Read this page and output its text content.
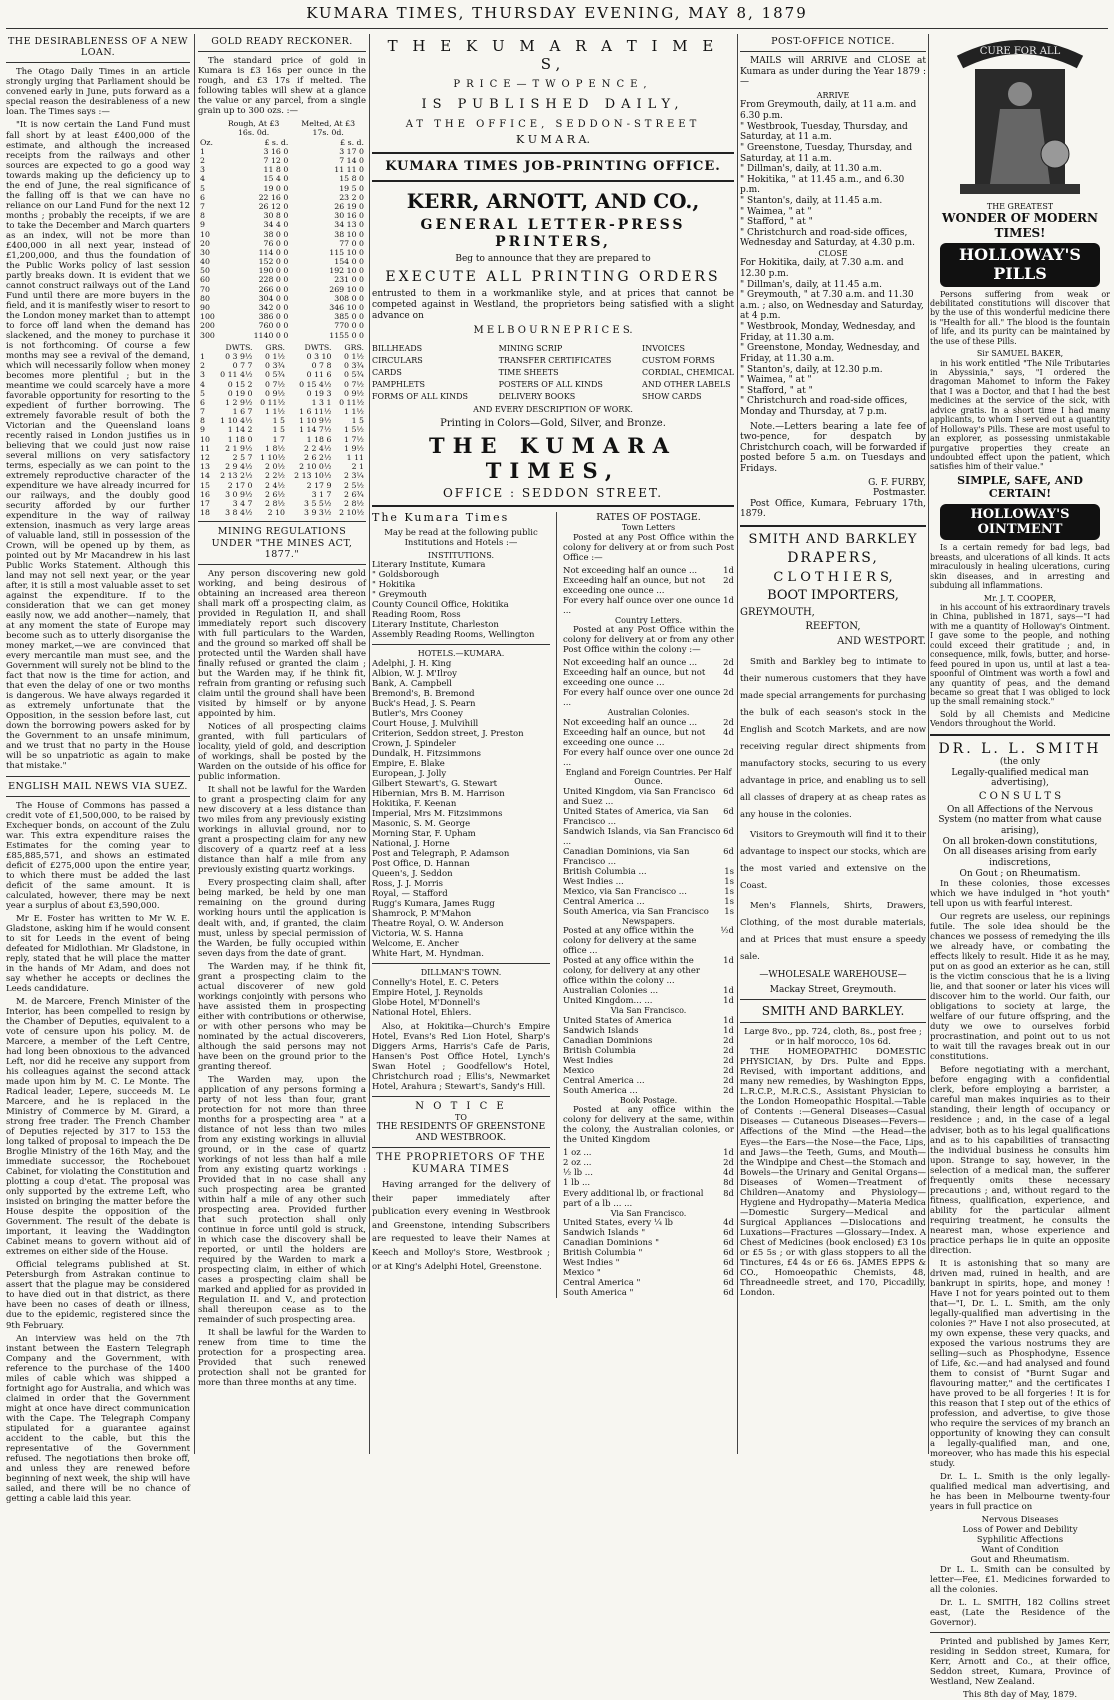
KUMARA TIMES, THURSDAY EVENING, MAY 8, 1879
THE DESIRABLENESS OF A NEW LOAN.

The Otago Daily Times in an article strongly urging that Parliament should be convened early in June, puts forward as a special reason the desirableness of a new loan. The Times says :—

"It is now certain the Land Fund must fall short by at least £400,000 of the estimate, and although the increased receipts from the railways and other sources are expected to go a good way towards making up the deficiency up to the end of June, the real significance of the falling off is that we can have no reliance on our Land Fund for the next 12 months ; probably the receipts, if we are to take the December and March quarters as an index, will not be more than £400,000 in all next year, instead of £1,200,000, and thus the foundation of the Public Works policy of last session partly breaks down. It is evident that we cannot construct railways out of the Land Fund until there are more buyers in the field, and it is manifestly wiser to resort to the London money market than to attempt to force off land when the demand has slackened, and the money to purchase it is not forthcoming. Of course a few months may see a revival of the demand, which will necessarily follow when money becomes more plentiful ; but in the meantime we could scarcely have a more favorable opportunity for resorting to the expedient of further borrowing. The extremely favorable result of both the Victorian and the Queensland loans recently raised in London justifies us in believing that we could just now raise several millions on very satisfactory terms, especially as we can point to the extremely reproductive character of the expenditure we have already incurred for our railways, and the doubly good security afforded by our further expenditure in the way of railway extension, inasmuch as very large areas of valuable land, still in possession of the Crown, will be opened up by them, as pointed out by Mr Macandrew in his last Public Works Statement. Although this land may not sell next year, or the year after, it is still a most valuable asset to set against the expenditure. If to the consideration that we can get money easily now, we add another—namely, that at any moment the state of Europe may become such as to utterly disorganise the money market,—we are convinced that every mercantile man must see, and the Government will surely not be blind to the fact that now is the time for action, and that even the delay of one or two months is dangerous. We have always regarded it as extremely unfortunate that the Opposition, in the session before last, cut down the borrowing powers asked for by the Government to an unsafe minimum, and we trust that no party in the House will be so unpatriotic as again to make that mistake."

ENGLISH MAIL NEWS VIA SUEZ.

The House of Commons has passed a credit vote of £1,500,000, to be raised by Exchequer bonds, on account of the Zulu war. This extra expenditure raises the Estimates for the coming year to £85,885,571, and shows an estimated deficit of £275,000 upon the entire year, to which there must be added the last deficit of the same amount. It is calculated, however, there may be next year a surplus of about £3,590,000.

Mr E. Foster has written to Mr W. E. Gladstone, asking him if he would consent to sit for Leeds in the event of being defeated for Midlothian. Mr Gladstone, in reply, stated that he will place the matter in the hands of Mr Adam, and does not say whether he accepts or declines the Leeds candidature.

M. de Marcere, French Minister of the Interior, has been compelled to resign by the Chamber of Deputies, equivalent to a vote of censure upon his policy. M. de Marcere, a member of the Left Centre, had long been obnoxious to the advanced Left, nor did he receive any support from his colleagues against the second attack made upon him by M. C. Le Monte. The Radical leader, Lepere, succeeds M. Le Marcere, and he is replaced in the Ministry of Commerce by M. Girard, a strong free trader. The French Chamber of Deputies rejected by 317 to 153 the long talked of proposal to impeach the De Broglie Ministry of the 16th May, and the immediate successor, the Rochebouet Cabinet, for violating the Constitution and plotting a coup d'etat. The proposal was only supported by the extreme Left, who insisted on bringing the matter before the House despite the opposition of the Government. The result of the debate is important, it leaving the Waddington Cabinet means to govern without aid of extremes on either side of the House.

Official telegrams published at St. Petersburgh from Astrakan continue to assert that the plague may be considered to have died out in that district, as there have been no cases of death or illness, due to the epidemic, registered since the 9th February.

An interview was held on the 7th instant between the Eastern Telegraph Company and the Government, with reference to the purchase of the 1400 miles of cable which was shipped a fortnight ago for Australia, and which was claimed in order that the Government might at once have direct communication with the Cape. The Telegraph Company stipulated for a guarantee against accident to the cable, but this the representative of the Government refused. The negotiations then broke off, and unless they are renewed before beginning of next week, the ship will have sailed, and there will be no chance of getting a cable laid this year.

GOLD READY RECKONER.

The standard price of gold in Kumara is £3 16s per ounce in the rough, and £3 17s if melted. The following tables will shew at a glance the value or any parcel, from a single grain up to 300 ozs. :—

	Rough, At £3 16s. 0d.	Melted, At £3 17s. 0d.
Oz.	£ s. d.	£ s. d.
1	3 16 0	3 17 0
2	7 12 0	7 14 0
3	11 8 0	11 11 0
4	15 4 0	15 8 0
5	19 0 0	19 5 0
6	22 16 0	23 2 0
7	26 12 0	26 19 0
8	30 8 0	30 16 0
9	34 4 0	34 13 0
10	38 0 0	38 10 0
20	76 0 0	77 0 0
30	114 0 0	115 10 0
40	152 0 0	154 0 0
50	190 0 0	192 10 0
60	228 0 0	231 0 0
70	266 0 0	269 10 0
80	304 0 0	308 0 0
90	342 0 0	346 10 0
100	386 0 0	385 0 0
200	760 0 0	770 0 0
300	1140 0 0	1155 0 0
	DWTS.	GRS.	DWTS.	GRS.
1	0 3 9½	0 1½	0 3 10	0 1½
2	0 7 7	0 3¾	0 7 8	0 3¾
3	0 11 4½	0 5¾	0 11 6	0 5¾
4	0 15 2	0 7½	0 15 4½	0 7½
5	0 19 0	0 9½	0 19 3	0 9½
6	1 2 9½	0 11½	1 3 1	0 11½
7	1 6 7	1 1½	1 6 11½	1 1½
8	1 10 4½	1 5	1 10 9½	1 5
9	1 14 2	1 5	1 14 7½	1 5½
10	1 18 0	1 7	1 18 6	1 7½
11	2 1 9½	1 8½	2 2 4½	1 9½
12	2 5 7	1 10½	2 6 2½	1 11
13	2 9 4½	2 0½	2 10 0½	2 1
14	2 13 2½	2 2½	2 13 10½	2 3¼
15	2 17 0	2 4½	2 17 9	2 5½
16	3 0 9½	2 6½	3 1 7	2 6¾
17	3 4 7	2 8½	3 5 5½	2 8½
18	3 8 4½	2 10	3 9 3½	2 10½
MINING REGULATIONS UNDER "THE MINES ACT, 1877."

Any person discovering new gold working, and being desirous of obtaining an increased area thereon shall mark off a prospecting claim, as provided in Regulation II, and shall immediately report such discovery with full particulars to the Warden, and the ground so marked off shall be protected until the Warden shall have finally refused or granted the claim ; but the Warden may, if he think fit, refrain from granting or refusing such claim until the ground shall have been visited by himself or by anyone appointed by him.

Notices of all prospecting claims granted, with full particulars of locality, yield of gold, and description of workings, shall be posted by the Warden on the outside of his office for public information.

It shall not be lawful for the Warden to grant a prospecting claim for any new discovery at a less distance than two miles from any previously existing workings in alluvial ground, nor to grant a prospecting claim for any new discovery of a quartz reef at a less distance than half a mile from any previously existing quartz workings.

Every prospecting claim shall, after being marked, be held by one man remaining on the ground during working hours until the application is dealt with, and, if granted, the claim must, unless by special permission of the Warden, be fully occupied within seven days from the date of grant.

The Warden may, if he think fit, grant a prospecting claim to the actual discoverer of new gold workings conjointly with persons who have assisted them in prospecting either with contributions or otherwise, or with other persons who may be nominated by the actual discoverers, although the said persons may not have been on the ground prior to the granting thereof.

The Warden may, upon the application of any persons forming a party of not less than four, grant protection for not more than three months for a prospecting area " at a distance of not less than two miles from any existing workings in alluvial ground, or in the case of quartz workings of not less than half a mile from any existing quartz workings : Provided that in no case shall any such prospecting area be granted within half a mile of any other such prospecting area. Provided further that such protection shall only continue in force until gold is struck, in which case the discovery shall be reported, or until the holders are required by the Warden to mark a prospecting claim, in either of which cases a prospecting claim shall be marked and applied for as provided in Regulation II. and V., and protection shall thereupon cease as to the remainder of such prospecting area.

It shall be lawful for the Warden to renew from time to time the protection for a prospecting area. Provided that such renewed protection shall not be granted for more than three months at any time.

T H E K U M A R A T I M E S,
PRICE—TWOPENCE,
IS PUBLISHED DAILY,
AT THE OFFICE, SEDDON-STREET
K U M A R A.
KUMARA TIMES JOB-PRINTING OFFICE.
KERR, ARNOTT, AND CO.,
GENERAL LETTER-PRESS PRINTERS,
Beg to announce that they are prepared to
EXECUTE ALL PRINTING ORDERS

entrusted to them in a workmanlike style, and at prices that cannot be competed against in Westland, the proprietors being satisfied with a slight advance on

M E L B O U R N E P R I C E S.
BILLHEADS
CIRCULARS
CARDS
PAMPHLETS
FORMS OF ALL KINDS
MINING SCRIP
TRANSFER CERTIFICATES
TIME SHEETS
POSTERS OF ALL KINDS
DELIVERY BOOKS
INVOICES
CUSTOM FORMS
CORDIAL, CHEMICAL
AND OTHER LABELS
SHOW CARDS
AND EVERY DESCRIPTION OF WORK.
Printing in Colors—Gold, Silver, and Bronze.
THE KUMARA TIMES,
OFFICE : SEDDON STREET.
The Kumara Times
May be read at the following public Institutions and Hotels :—
INSTITUTIONS.
Literary Institute, Kumara
" Goldsborough
" Hokitika
" Greymouth
County Council Office, Hokitika
Reading Room, Ross
Literary Institute, Charleston
Assembly Reading Rooms, Wellington
HOTELS.—KUMARA.
Adelphi, J. H. King
Albion, W. J. M'Ilroy
Bank, A. Campbell
Bremond's, B. Bremond
Buck's Head, J. S. Pearn
Butler's, Mrs Cooney
Court House, J. Mulvihill
Criterion, Seddon street, J. Preston
Crown, J. Spindeler
Dundalk, H. Fitzsimmons
Empire, E. Blake
European, J. Jolly
Gilbert Stewart's, G. Stewart
Hibernian, Mrs B. M. Harrison
Hokitika, F. Keenan
Imperial, Mrs M. Fitzsimmons
Masonic, S. M. George
Morning Star, F. Upham
National, J. Horne
Post and Telegraph, P. Adamson
Post Office, D. Hannan
Queen's, J. Seddon
Ross, J. J. Morris
Royal, — Stafford
Rugg's Kumara, James Rugg
Shamrock, P. M'Mahon
Theatre Royal, O. W. Anderson
Victoria, W. S. Hanna
Welcome, E. Ancher
White Hart, M. Hyndman.
DILLMAN'S TOWN.
Connelly's Hotel, E. C. Peters
Empire Hotel, J. Reynolds
Globe Hotel, M'Donnell's
National Hotel, Ehlers.

Also, at Hokitika—Church's Empire Hotel, Evans's Red Lion Hotel, Sharp's Diggers Arms, Harris's Cafe de Paris, Hansen's Post Office Hotel, Lynch's Swan Hotel ; Goodfellow's Hotel, Christchurch road ; Ellis's, Newmarket Hotel, Arahura ; Stewart's, Sandy's Hill.

N O T I C E
TO
THE RESIDENTS OF GREENSTONE AND WESTBROOK.
THE PROPRIETORS OF THE KUMARA TIMES

Having arranged for the delivery of their paper immediately after publication every evening in Westbrook and Greenstone, intending Subscribers are requested to leave their Names at Keech and Molloy's Store, Westbrook ; or at King's Adelphi Hotel, Greenstone.

RATES OF POSTAGE.
Town Letters

Posted at any Post Office within the colony for delivery at or from such Post Office :—

Not exceeding half an ounce ...	1d
Exceeding half an ounce, but not exceeding one ounce ...
2d
For every half ounce over one ounce ...
1d
Country Letters.

Posted at any Post Office within the colony for delivery at or from any other Post Office within the colony :—

Not exceeding half an ounce ...	2d
Exceeding half an ounce, but not exceeding one ounce ...
4d
For every half ounce over one ounce ...
2d
Australian Colonies.
Not exceeding half an ounce ...	2d
Exceeding half an ounce, but not exceeding one ounce ...
4d
For every half ounce over one ounce ...
2d
England and Foreign Countries. Per Half Ounce.
United Kingdom, via San Francisco and Suez ...
6d
United States of America, via San Francisco ...
6d
Sandwich Islands, via San Francisco ...
6d
Canadian Dominions, via San Francisco ...
6d
British Columbia ...	1s
West Indies ...	1s
Mexico, via San Francisco ...	1s
Central America ...	1s
South America, via San Francisco 1s
Newspapers.
Posted at any office within the colony for delivery at the same office ...
½d
Posted at any office within the colony, for delivery at any other office within the colony ...
1d
Australian Colonies ...	1d
United Kingdom... ...	1d
Via San Francisco.
United States of America	1d
Sandwich Islands	1d
Canadian Dominions	2d
British Columbia	2d
West Indies	2d
Mexico	2d
Central America ...	2d
South America ...	2d
Book Postage.

Posted at any office within the colony for delivery at the same, within the colony, the Australian colonies, or the United Kingdom

1 oz ...	1d
2 oz ...	2d
½ lb ...	4d
1 lb ...	8d
Every additional lb, or fractional part of a lb ... ...
8d
Via San Francisco.
United States, every ¼ lb	4d
Sandwich Islands "	6d
Canadian Dominions "	6d
British Columbia "	6d
West Indies "	6d
Mexico "	6d
Central America "	6d
South America "	6d
POST-OFFICE NOTICE.

MAILS will ARRIVE and CLOSE at Kumara as under during the Year 1879 :—

ARRIVE
From Greymouth, daily, at 11 a.m. and 6.30 p.m.
" Westbrook, Tuesday, Thursday, and Saturday, at 11 a.m.
" Greenstone, Tuesday, Thursday, and Saturday, at 11 a.m.
" Dillman's, daily, at 11.30 a.m.
" Hokitika, " at 11.45 a.m., and 6.30 p.m.
" Stanton's, daily, at 11.45 a.m.
" Waimea, " at "
" Stafford, " at "
" Christchurch and road-side offices, Wednesday and Saturday, at 4.30 p.m.
CLOSE
For Hokitika, daily, at 7.30 a.m. and 12.30 p.m.
" Dillman's, daily, at 11.45 a.m.
" Greymouth, " at 7.30 a.m. and 11.30 a.m. ; also, on Wednesday and Saturday, at 4 p.m.
" Westbrook, Monday, Wednesday, and Friday, at 11.30 a.m.
" Greenstone, Monday, Wednesday, and Friday, at 11.30 a.m.
" Stanton's, daily, at 12.30 p.m.
" Waimea, " at "
" Stafford, " at "
" Christchurch and road-side offices, Monday and Thursday, at 7 p.m.

Note.—Letters bearing a late fee of two-pence, for despatch by Christchurch coach, will be forwarded if posted before 5 a.m. on Tuesdays and Fridays.

G. F. FURBY,
Postmaster.

Post Office, Kumara, February 17th, 1879.

SMITH AND BARKLEY
DRAPERS,
C L O T H I E R S,
BOOT IMPORTERS,
GREYMOUTH,
REEFTON,
AND WESTPORT.

Smith and Barkley beg to intimate to their numerous customers that they have made special arrangements for purchasing the bulk of each season's stock in the English and Scotch Markets, and are now receiving regular direct shipments from manufactory stocks, securing to us every advantage in price, and enabling us to sell all classes of drapery at as cheap rates as any house in the colonies.

Visitors to Greymouth will find it to their advantage to inspect our stocks, which are the most varied and extensive on the Coast.

Men's Flannels, Shirts, Drawers, Clothing, of the most durable materials, and at Prices that must ensure a speedy sale.

—WHOLESALE WAREHOUSE—
Mackay Street, Greymouth.
SMITH AND BARKLEY.
Large 8vo., pp. 724, cloth, 8s., post free ; or in half morocco, 10s 6d.

THE HOMEOPATHIC DOMESTIC PHYSICIAN, by Drs. Pulte and Epps. Revised, with important additions, and many new remedies, by Washington Epps, L.R.C.P., M.R.C.S., Assistant Physician to the London Homeopathic Hospital.—Table of Contents :—General Diseases—Casual Diseases — Cutaneous Diseases—Fevers—Affections of the Mind —the Head—the Eyes—the Ears—the Nose—the Face, Lips, and Jaws—the Teeth, Gums, and Mouth—the Windpipe and Chest—the Stomach and Bowels—the Urinary and Genital Organs—Diseases of Women—Treatment of Children—Anatomy and Physiology—Hygiene and Hydropathy—Materia Medica—Domestic Surgery—Medical and Surgical Appliances —Dislocations and Luxations—Fractures —Glossary—Index. A Chest of Medicines (book enclosed) £3 10s or £5 5s ; or with glass stoppers to all the Tinctures, £4 4s or £6 6s. JAMES EPPS & CO., Homoeopathic Chemists, 48, Threadneedle street, and 170, Piccadilly, London.

CURE FOR ALL
THE GREATEST
WONDER OF MODERN TIMES!
HOLLOWAY'S PILLS

Persons suffering from weak or debilitated constitutions will discover that by the use of this wonderful medicine there is "Health for all." The blood is the fountain of life, and its purity can be maintained by the use of these Pills.

Sir SAMUEL BAKER,

in his work entitled "The Nile Tributaries in Abyssinia," says, "I ordered the dragoman Mahomet to inform the Fakey that I was a Doctor, and that I had the best medicines at the service of the sick, with advice gratis. In a short time I had many applicants, to whom I served out a quantity of Holloway's Pills. These are most useful to an explorer, as possessing unmistakable purgative properties they create an undoubted effect upon the patient, which satisfies him of their value."

SIMPLE, SAFE, AND CERTAIN!
HOLLOWAY'S OINTMENT

Is a certain remedy for bad legs, bad breasts, and ulcerations of all kinds. It acts miraculously in healing ulcerations, curing skin diseases, and in arresting and subduing all inflammations.

Mr. J. T. COOPER,

in his account of his extraordinary travels in China, published in 1871, says—"I had with me a quantity of Holloway's Ointment. I gave some to the people, and nothing could exceed their gratitude ; and, in consequence, milk, fowls, butter, and horse-feed poured in upon us, until at last a tea-spoonful of Ointment was worth a fowl and any quantity of peas, and the demand became so great that I was obliged to lock up the small remaining stock."

Sold by all Chemists and Medicine Vendors throughout the World.

DR. L. L. SMITH
(the only
Legally-qualified medical man advertising),
C O N S U L T S
On all Affections of the Nervous System (no matter from what cause arising),
On all broken-down constitutions,
On all diseases arising from early indiscretions,
On Gout ; on Rheumatism.

In these colonies, those excesses which we have indulged in "hot youth" tell upon us with fearful interest.

Our regrets are useless, our repinings futile. The sole idea should be the chances we possess of remedying the ills we already have, or combating the effects likely to result. Hide it as he may, put on as good an exterior as he can, still is the victim conscious that he is a living lie, and that sooner or later his vices will discover him to the world. Our faith, our obligations to society at large, the welfare of our future offspring, and the duty we owe to ourselves forbid procrastination, and point out to us not to wait till the ravages break out in our constitutions.

Before negotiating with a merchant, before engaging with a confidential clerk, before employing a barrister, a careful man makes inquiries as to their standing, their length of occupancy or residence ; and, in the case of a legal adviser, both as to his legal qualifications and as to his capabilities of transacting the individual business he consults him upon. Strange to say, however, in the selection of a medical man, the sufferer frequently omits these necessary precautions ; and, without regard to the fitness, qualification, experience, and ability for the particular ailment requiring treatment, he consults the nearest man, whose experience and practice perhaps lie in quite an opposite direction.

It is astonishing that so many are driven mad, ruined in health, and are bankrupt in spirits, hope, and money ! Have I not for years pointed out to them that—"I, Dr. L. L. Smith, am the only legally-qualified man advertising in the colonies ?" Have I not also prosecuted, at my own expense, these very quacks, and exposed the various nostrums they are selling—such as Phosphodyne, Essence of Life, &c.—and had analysed and found them to consist of "Burnt Sugar and flavouring matter," and the certificates I have proved to be all forgeries ! It is for this reason that I step out of the ethics of profession, and advertise, to give those who require the services of my branch an opportunity of knowing they can consult a legally-qualified man, and one, moreover, who has made this his especial study.

Dr. L. L. Smith is the only legally-qualified medical man advertising, and he has been in Melbourne twenty-four years in full practice on

Nervous Diseases
Loss of Power and Debility
Syphilitic Affections
Want of Condition
Gout and Rheumatism.

Dr L. L. Smith can be consulted by letter—Fee, £1. Medicines forwarded to all the colonies.

Dr. L. L. SMITH, 182 Collins street east, (Late the Residence of the Governor).

Printed and published by James Kerr, residing in Seddon street, Kumara, for Kerr, Arnott and Co., at their office, Seddon street, Kumara, Province of Westland, New Zealand.

This 8th day of May, 1879.
